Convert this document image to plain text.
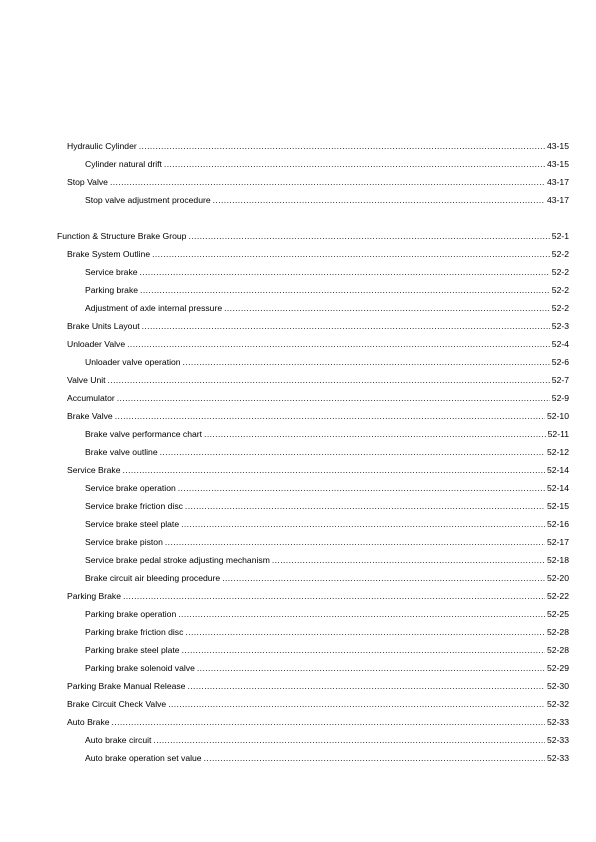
Hydraulic Cylinder .....	43-15
Cylinder natural drift .....	43-15
Stop Valve .....	43-17
Stop valve adjustment procedure .....	43-17
Function & Structure Brake Group .....	52-1
Brake System Outline .....	52-2
Service brake .....	52-2
Parking brake .....	52-2
Adjustment of axle internal pressure .....	52-2
Brake Units Layout .....	52-3
Unloader Valve .....	52-4
Unloader valve operation .....	52-6
Valve Unit .....	52-7
Accumulator .....	52-9
Brake Valve .....	52-10
Brake valve performance chart .....	52-11
Brake valve outline .....	52-12
Service Brake .....	52-14
Service brake operation .....	52-14
Service brake friction disc .....	52-15
Service brake steel plate .....	52-16
Service brake piston .....	52-17
Service brake pedal stroke adjusting mechanism .....	52-18
Brake circuit air bleeding procedure .....	52-20
Parking Brake .....	52-22
Parking brake operation .....	52-25
Parking brake friction disc .....	52-28
Parking brake steel plate .....	52-28
Parking brake solenoid valve .....	52-29
Parking Brake Manual Release .....	52-30
Brake Circuit Check Valve .....	52-32
Auto Brake .....	52-33
Auto brake circuit .....	52-33
Auto brake operation set value .....	52-33
